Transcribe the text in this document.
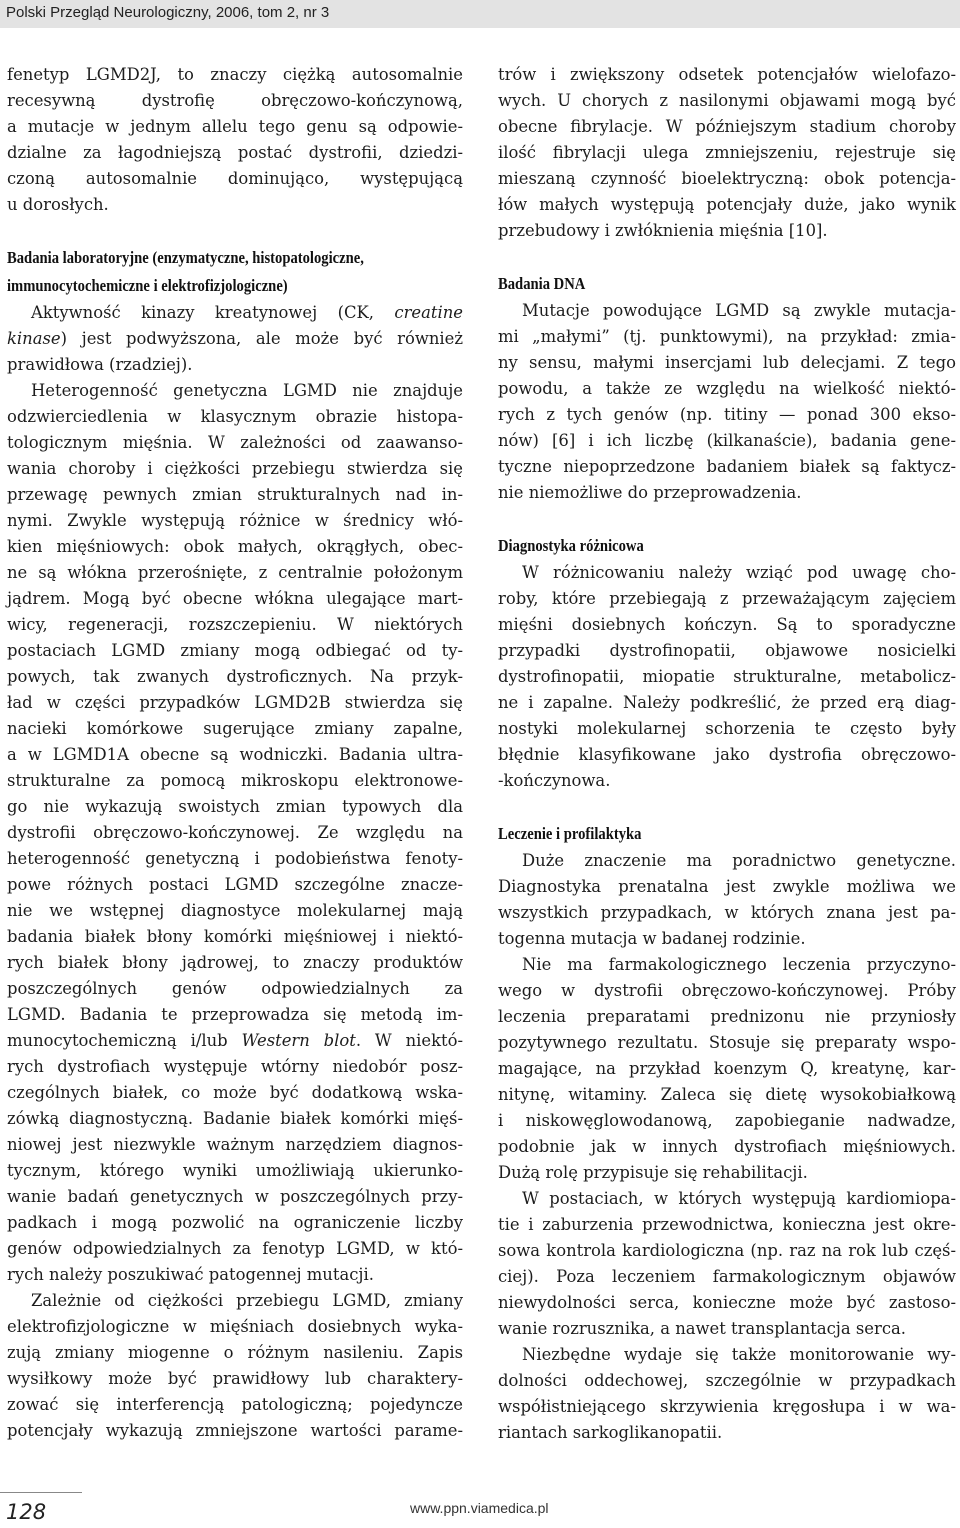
Polski Przegląd Neurologiczny, 2006, tom 2, nr 3
fenetyp LGMD2J, to znaczy ciężką autosomalnie
recesywną dystrofię obręczowo-kończynową,
a mutacje w jednym allelu tego genu są odpowie-
dzialne za łagodniejszą postać dystrofii, dziedzi-
czoną autosomalnie dominująco, występującą
u dorosłych.
Badania laboratoryjne (enzymatyczne, histopatologiczne,
immunocytochemiczne i elektrofizjologiczne)
Aktywność kinazy kreatynowej (CK, creatine
kinase) jest podwyższona, ale może być również
prawidłowa (rzadziej).
Heterogenność genetyczna LGMD nie znajduje
odzwierciedlenia w klasycznym obrazie histopa-
tologicznym mięśnia. W zależności od zaawanso-
wania choroby i ciężkości przebiegu stwierdza się
przewagę pewnych zmian strukturalnych nad in-
nymi. Zwykle występują różnice w średnicy włó-
kien mięśniowych: obok małych, okrągłych, obec-
ne są włókna przerośnięte, z centralnie położonym
jądrem. Mogą być obecne włókna ulegające mart-
wicy, regeneracji, rozszczepieniu. W niektórych
postaciach LGMD zmiany mogą odbiegać od ty-
powych, tak zwanych dystroficznych. Na przyk-
ład w części przypadków LGMD2B stwierdza się
nacieki komórkowe sugerujące zmiany zapalne,
a w LGMD1A obecne są wodniczki. Badania ultra-
strukturalne za pomocą mikroskopu elektronowe-
go nie wykazują swoistych zmian typowych dla
dystrofii obręczowo-kończynowej. Ze względu na
heterogenność genetyczną i podobieństwa fenoty-
powe różnych postaci LGMD szczególne znacze-
nie we wstępnej diagnostyce molekularnej mają
badania białek błony komórki mięśniowej i niektó-
rych białek błony jądrowej, to znaczy produktów
poszczególnych genów odpowiedzialnych za
LGMD. Badania te przeprowadza się metodą im-
munocytochemiczną i/lub Western blot. W niektó-
rych dystrofiach występuje wtórny niedobór posz-
czególnych białek, co może być dodatkową wska-
zówką diagnostyczną. Badanie białek komórki mięś-
niowej jest niezwykle ważnym narzędziem diagnos-
tycznym, którego wyniki umożliwiają ukierunko-
wanie badań genetycznych w poszczególnych przy-
padkach i mogą pozwolić na ograniczenie liczby
genów odpowiedzialnych za fenotyp LGMD, w któ-
rych należy poszukiwać patogennej mutacji.
Zależnie od ciężkości przebiegu LGMD, zmiany
elektrofizjologiczne w mięśniach dosiebnych wyka-
zują zmiany miogenne o różnym nasileniu. Zapis
wysiłkowy może być prawidłowy lub charaktery-
zować się interferencją patologiczną; pojedyncze
potencjały wykazują zmniejszone wartości parame-
trów i zwiększony odsetek potencjałów wielofazo-
wych. U chorych z nasilonymi objawami mogą być
obecne fibrylacje. W późniejszym stadium choroby
ilość fibrylacji ulega zmniejszeniu, rejestruje się
mieszaną czynność bioelektryczną: obok potencja-
łów małych występują potencjały duże, jako wynik
przebudowy i zwłóknienia mięśnia [10].
Badania DNA
Mutacje powodujące LGMD są zwykle mutacja-
mi „małymi” (tj. punktowymi), na przykład: zmia-
ny sensu, małymi insercjami lub delecjami. Z tego
powodu, a także ze względu na wielkość niektó-
rych z tych genów (np. titiny — ponad 300 ekso-
nów) [6] i ich liczbę (kilkanaście), badania gene-
tyczne niepoprzedzone badaniem białek są faktycz-
nie niemożliwe do przeprowadzenia.
Diagnostyka różnicowa
W różnicowaniu należy wziąć pod uwagę cho-
roby, które przebiegają z przeważającym zajęciem
mięśni dosiebnych kończyn. Są to sporadyczne
przypadki dystrofinopatii, objawowe nosicielki
dystrofinopatii, miopatie strukturalne, metabolicz-
ne i zapalne. Należy podkreślić, że przed erą diag-
nostyki molekularnej schorzenia te często były
błędnie klasyfikowane jako dystrofia obręczowo-
-kończynowa.
Leczenie i profilaktyka
Duże znaczenie ma poradnictwo genetyczne.
Diagnostyka prenatalna jest zwykle możliwa we
wszystkich przypadkach, w których znana jest pa-
togenna mutacja w badanej rodzinie.
Nie ma farmakologicznego leczenia przyczyno-
wego w dystrofii obręczowo-kończynowej. Próby
leczenia preparatami prednizonu nie przyniosły
pozytywnego rezultatu. Stosuje się preparaty wspo-
magające, na przykład koenzym Q, kreatynę, kar-
nitynę, witaminy. Zaleca się dietę wysokobiałkową
i niskowęglowodanową, zapobieganie nadwadze,
podobnie jak w innych dystrofiach mięśniowych.
Dużą rolę przypisuje się rehabilitacji.
W postaciach, w których występują kardiomiopa-
tie i zaburzenia przewodnictwa, konieczna jest okre-
sowa kontrola kardiologiczna (np. raz na rok lub częś-
ciej). Poza leczeniem farmakologicznym objawów
niewydolności serca, konieczne może być zastoso-
wanie rozrusznika, a nawet transplantacja serca.
Niezbędne wydaje się także monitorowanie wy-
dolności oddechowej, szczególnie w przypadkach
współistniejącego skrzywienia kręgosłupa i w wa-
riantach sarkoglikanopatii.
128	www.ppn.viamedica.pl
